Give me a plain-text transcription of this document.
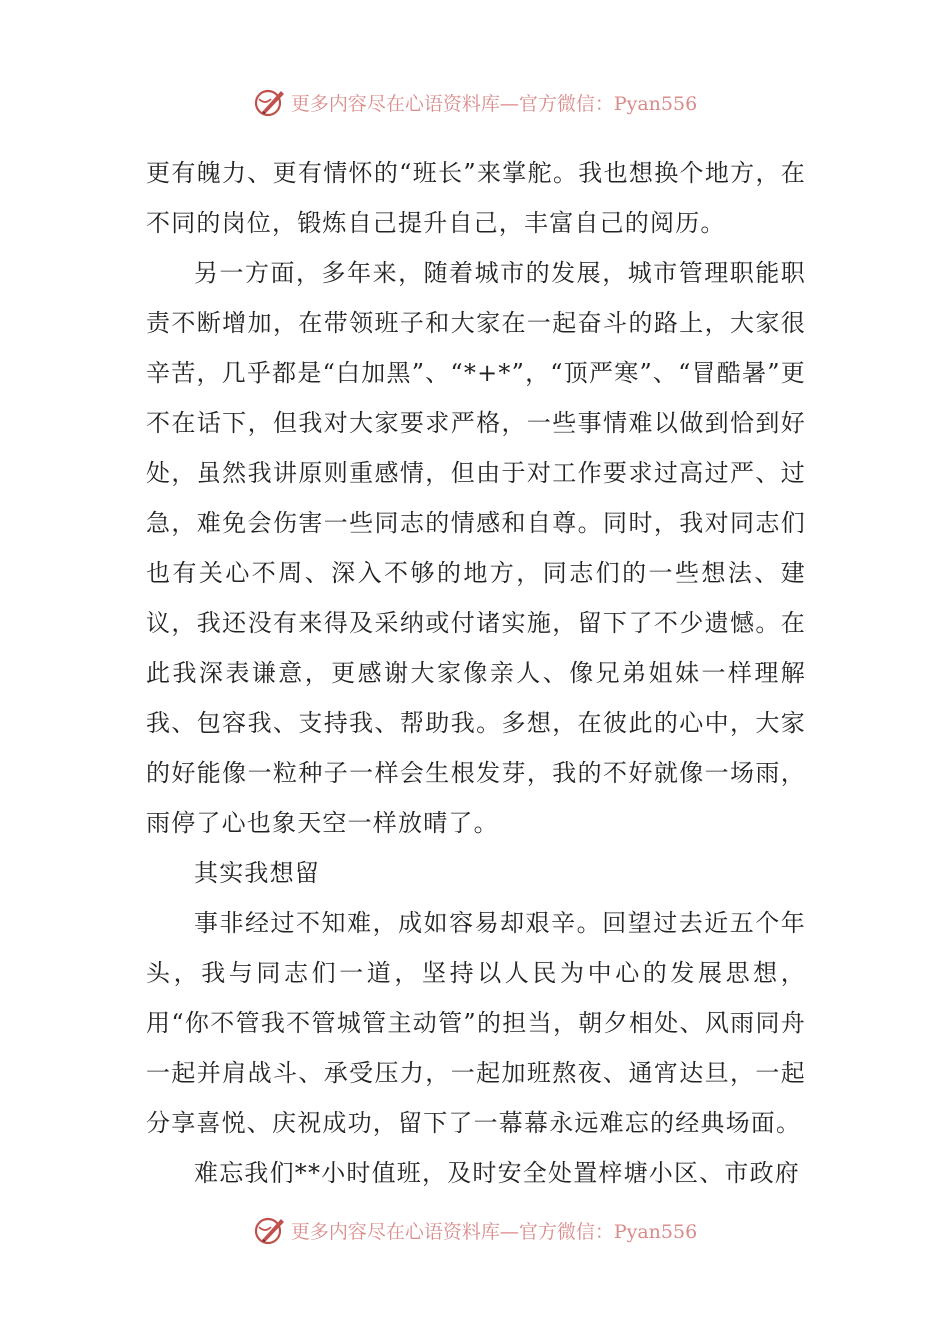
更多内容尽在心语资料库—官方微信：Pyan556

更有魄力、更有情怀的“班长”来掌舵。我也想换个地方，在不同的岗位，锻炼自己提升自己，丰富自己的阅历。

另一方面，多年来，随着城市的发展，城市管理职能职责不断增加，在带领班子和大家在一起奋斗的路上，大家很辛苦，几乎都是“白加黑”、“*+*”，“顶严寒”、“冒酷暑”更不在话下，但我对大家要求严格，一些事情难以做到恰到好处，虽然我讲原则重感情，但由于对工作要求过高过严、过急，难免会伤害一些同志的情感和自尊。同时，我对同志们也有关心不周、深入不够的地方，同志们的一些想法、建议，我还没有来得及采纳或付诸实施，留下了不少遗憾。在此我深表谦意，更感谢大家像亲人、像兄弟姐妹一样理解我、包容我、支持我、帮助我。多想，在彼此的心中，大家的好能像一粒种子一样会生根发芽，我的不好就像一场雨，雨停了心也象天空一样放晴了。

其实我想留

事非经过不知难，成如容易却艰辛。回望过去近五个年头，我与同志们一道，坚持以人民为中心的发展思想，用“你不管我不管城管主动管”的担当，朝夕相处、风雨同舟一起并肩战斗、承受压力，一起加班熬夜、通宵达旦，一起分享喜悦、庆祝成功，留下了一幕幕永远难忘的经典场面。

难忘我们**小时值班，及时安全处置梓塘小区、市政府

更多内容尽在心语资料库—官方微信：Pyan556
